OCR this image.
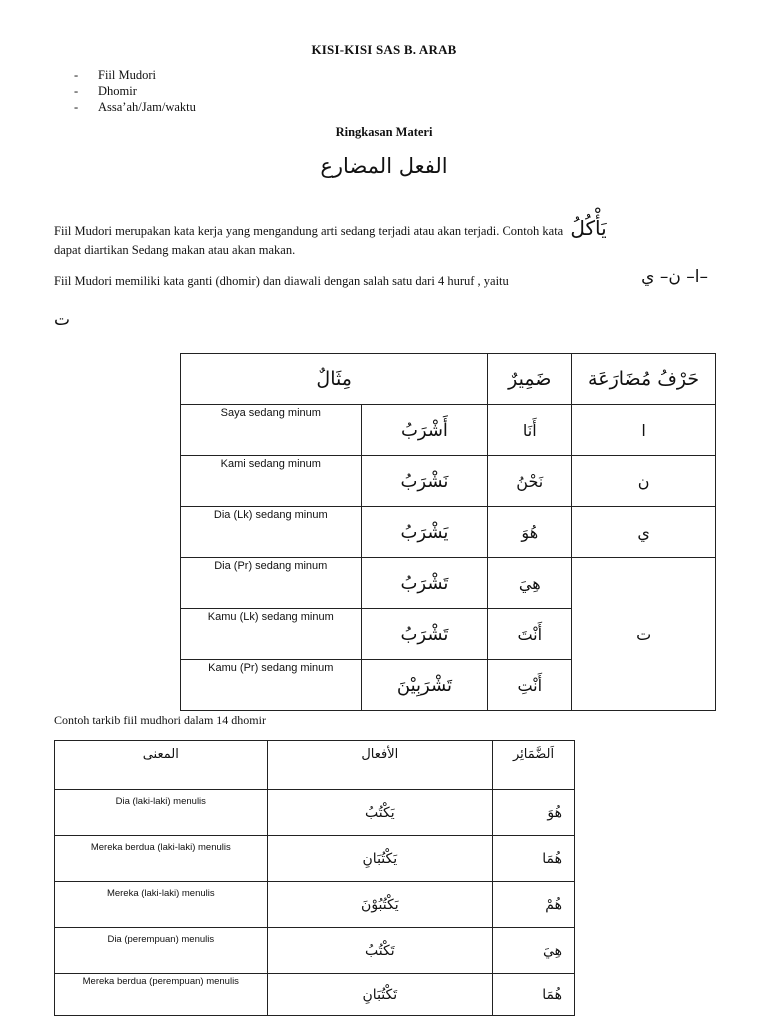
KISI-KISI SAS B. ARAB
-	Fiil Mudori
-	Dhomir
-	Assa’ah/Jam/waktu
Ringkasan Materi
الفعل المضارع
Fiil Mudori merupakan kata kerja yang mengandung arti sedang terjadi atau akan terjadi. Contoh kata يَأْكُلُ
dapat diartikan Sedang makan atau akan makan.
Fiil Mudori memiliki kata ganti (dhomir) dan diawali dengan salah satu dari 4 huruf , yaitu	ا– ن– ي–
ت
مِثَالٌ		ضَمِيرٌ	حَرْفُ مُضَارَعَة
Saya sedang minum	أَشْرَبُ	أَنَا	ا
Kami sedang minum	نَشْرَبُ	نَحْنُ	ن
Dia (Lk) sedang minum	يَشْرَبُ	هُوَ	ي
Dia (Pr) sedang minum	تَشْرَبُ	هِيَ	ت
Kamu (Lk) sedang minum	تَشْرَبُ	أَنْتَ	
Kamu (Pr) sedang minum	تَشْرَبِيْنَ	أَنْتِ	
Contoh tarkib fiil mudhori dalam 14 dhomir
المعنى	الأفعال	اَلضَّمَائِر
Dia (laki-laki) menulis	يَكْتُبُ	هُوَ
Mereka berdua (laki-laki) menulis	يَكْتُبَانِ	هُمَا
Mereka (laki-laki) menulis	يَكْتُبُوْنَ	هُمْ
Dia (perempuan) menulis	تَكْتُبُ	هِيَ
Mereka berdua (perempuan) menulis	تَكْتُبَانِ	هُمَا
